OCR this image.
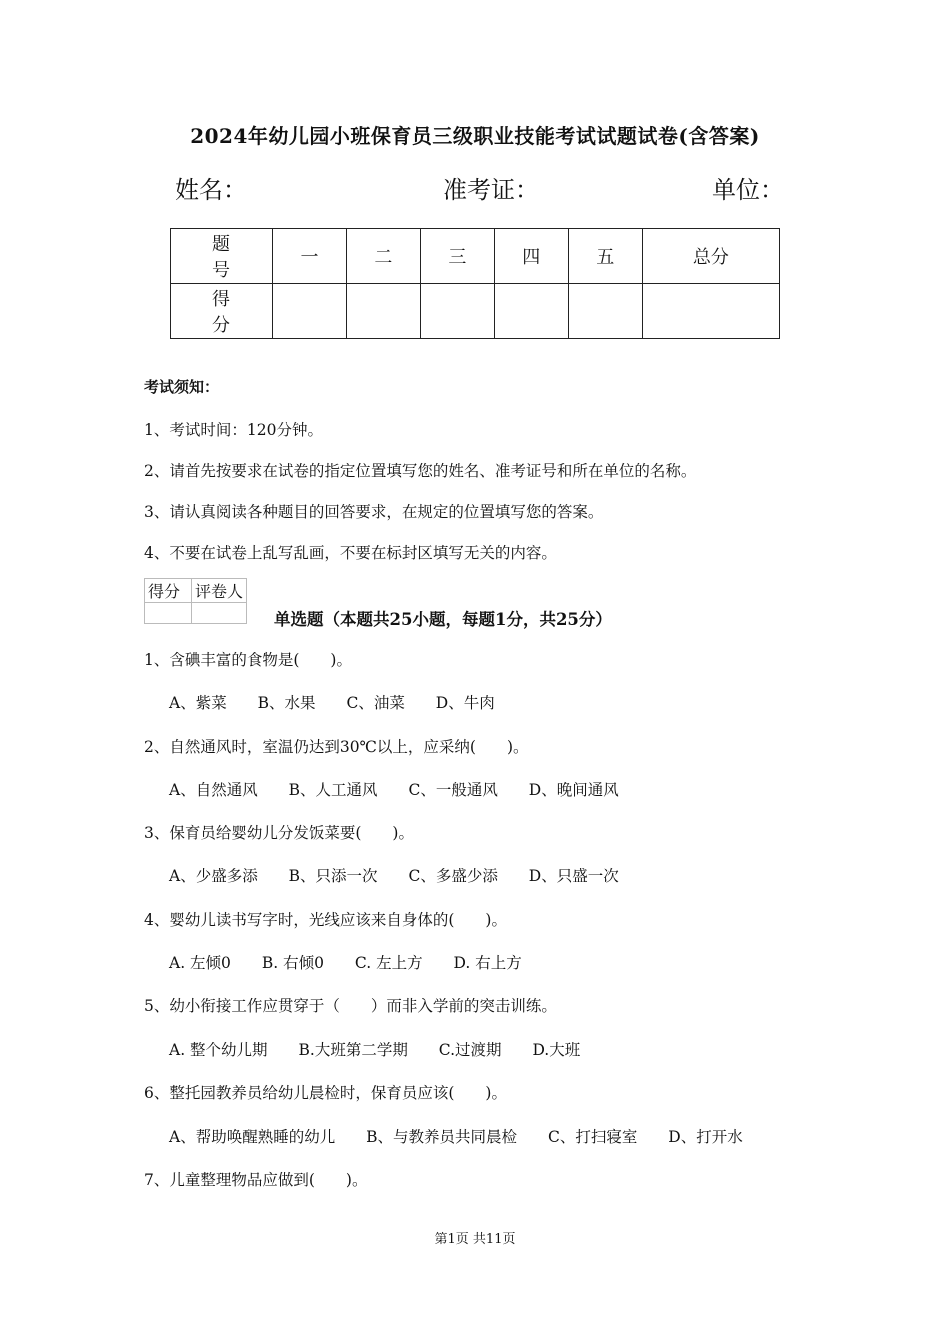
2024年幼儿园小班保育员三级职业技能考试试题试卷(含答案)
姓名：	准考证：	单位：
题　号	一	二	三	四	五	总分
得　分						
考试须知：
1、考试时间：120分钟。
2、请首先按要求在试卷的指定位置填写您的姓名、准考证号和所在单位的名称。
3、请认真阅读各种题目的回答要求，在规定的位置填写您的答案。
4、不要在试卷上乱写乱画，不要在标封区填写无关的内容。
得分	评卷人

单选题（本题共25小题，每题1分，共25分）
1、含碘丰富的食物是(　　)。
A、紫菜 B、水果 C、油菜 D、牛肉
2、自然通风时，室温仍达到30℃以上，应采纳(　　)。
A、自然通风 B、人工通风 C、一般通风 D、晚间通风
3、保育员给婴幼儿分发饭菜要(　　)。
A、少盛多添 B、只添一次 C、多盛少添 D、只盛一次
4、婴幼儿读书写字时，光线应该来自身体的(　　)。
A. 左倾0 B. 右倾0 C. 左上方 D. 右上方
5、幼小衔接工作应贯穿于（　　）而非入学前的突击训练。
A. 整个幼儿期 B.大班第二学期 C.过渡期 D.大班
6、整托园教养员给幼儿晨检时，保育员应该(　　)。
A、帮助唤醒熟睡的幼儿 B、与教养员共同晨检 C、打扫寝室 D、打开水
7、儿童整理物品应做到(　　)。
第1页 共11页
